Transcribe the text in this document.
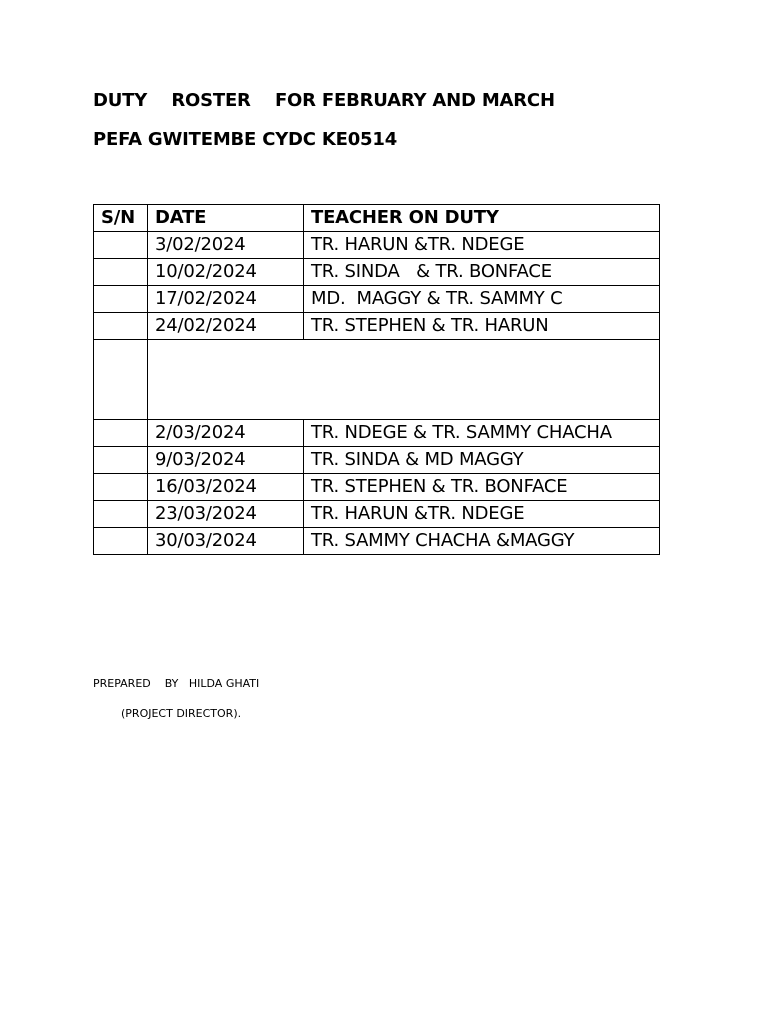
DUTY    ROSTER    FOR FEBRUARY AND MARCH
PEFA GWITEMBE CYDC KE0514
S/N	DATE	TEACHER ON DUTY
	3/02/2024	TR. HARUN &TR. NDEGE
	10/02/2024	TR. SINDA   & TR. BONFACE
	17/02/2024	MD.  MAGGY & TR. SAMMY C
	24/02/2024	TR. STEPHEN & TR. HARUN

	2/03/2024	TR. NDEGE & TR. SAMMY CHACHA
	9/03/2024	TR. SINDA & MD MAGGY
	16/03/2024	TR. STEPHEN & TR. BONFACE
	23/03/2024	TR. HARUN &TR. NDEGE
	30/03/2024	TR. SAMMY CHACHA &MAGGY

PREPARED    BY   HILDA GHATI

(PROJECT DIRECTOR).
